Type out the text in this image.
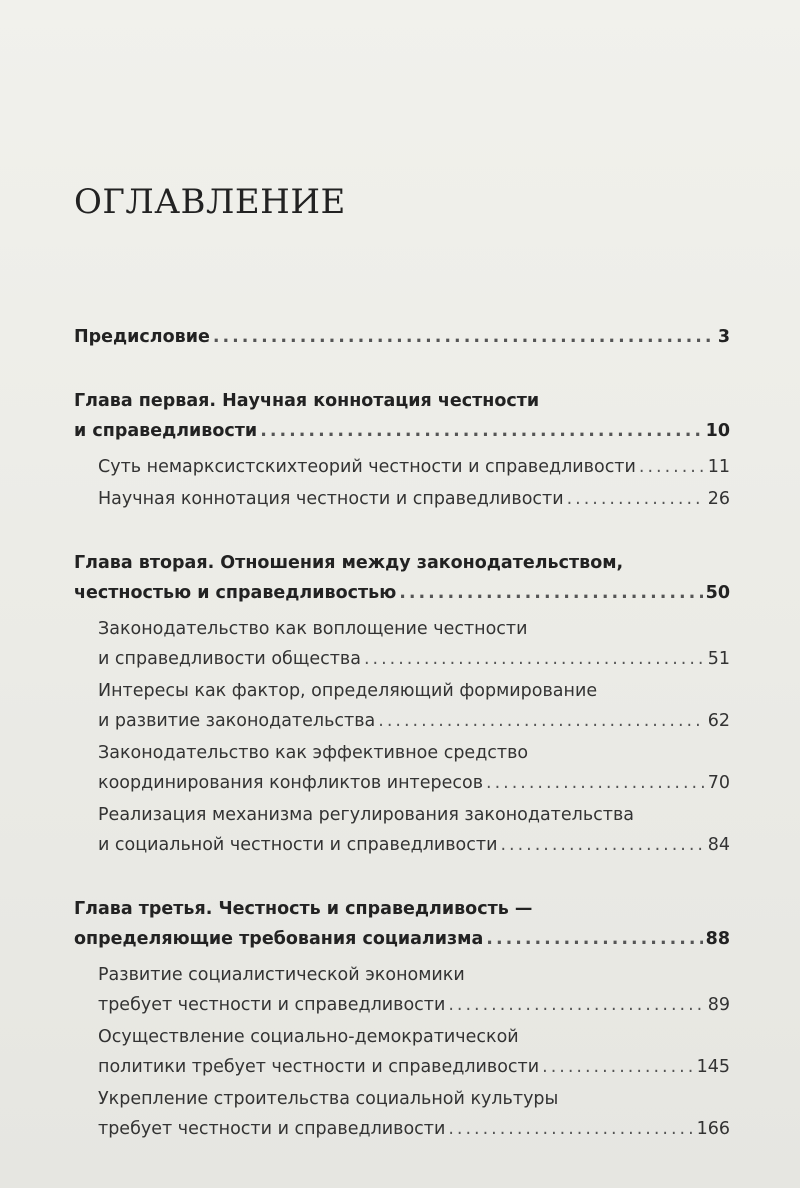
ОГЛАВЛЕНИЕ
Предисловие .....	3
Глава первая. Научная коннотация честности
и справедливости .....	10
Суть немарксистскихтеорий честности и справедливости .....	11
Научная коннотация честности и справедливости .....	26
Глава вторая. Отношения между законодательством,
честностью и справедливостью .....	50
Законодательство как воплощение честности
и справедливости общества .....	51
Интересы как фактор, определяющий формирование
и развитие законодательства .....	62
Законодательство как эффективное средство
координирования конфликтов интересов .....	70
Реализация механизма регулирования законодательства
и социальной честности и справедливости .....	84
Глава третья. Честность и справедливость —
определяющие требования социализма .....	88
Развитие социалистической экономики
требует честности и справедливости .....	89
Осуществление социально-демократической
политики требует честности и справедливости .....	145
Укрепление строительства социальной культуры
требует честности и справедливости .....	166
